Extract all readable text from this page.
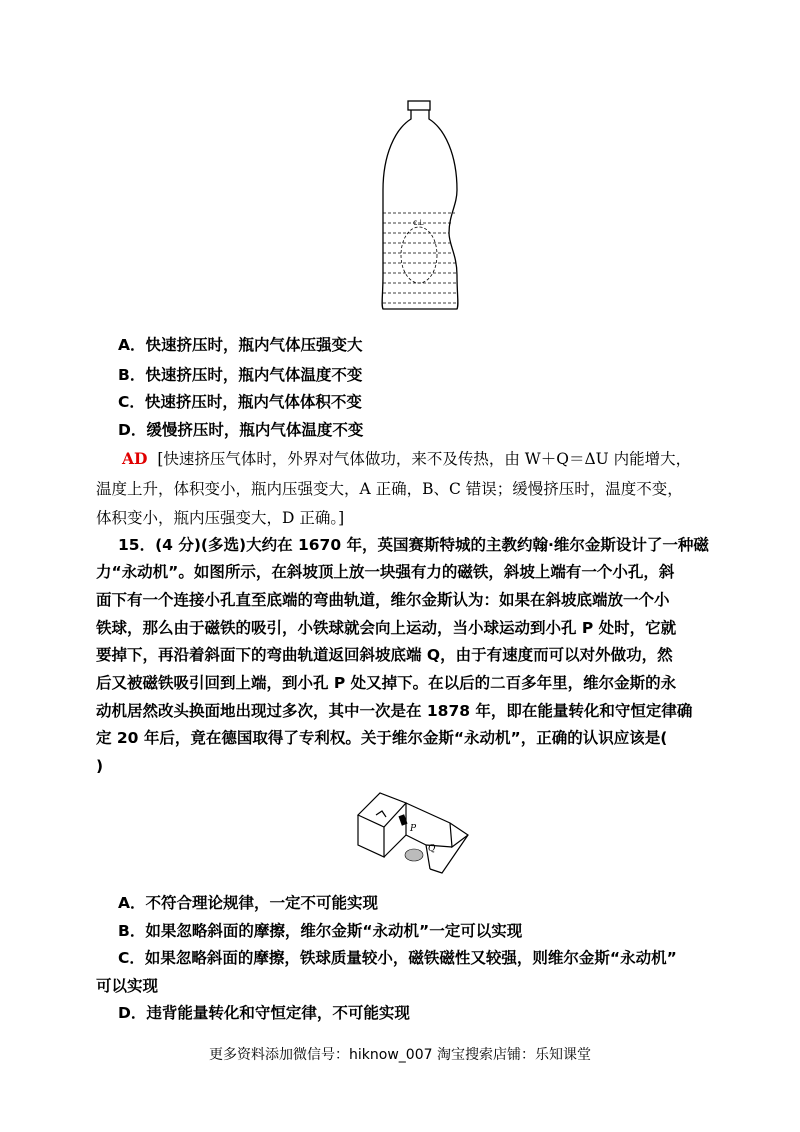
ⅽ⊥
A．快速挤压时，瓶内气体压强变大
B．快速挤压时，瓶内气体温度不变
C．快速挤压时，瓶内气体体积不变
D．缓慢挤压时，瓶内气体温度不变
AD [快速挤压气体时，外界对气体做功，来不及传热，由 W＋Q＝ΔU 内能增大，
温度上升，体积变小，瓶内压强变大，A 正确，B、C 错误；缓慢挤压时，温度不变，
体积变小，瓶内压强变大，D 正确。]
15．(4 分)(多选)大约在 1670 年，英国赛斯特城的主教约翰·维尔金斯设计了一种磁
力“永动机”。如图所示，在斜坡顶上放一块强有力的磁铁，斜坡上端有一个小孔，斜
面下有一个连接小孔直至底端的弯曲轨道，维尔金斯认为：如果在斜坡底端放一个小
铁球，那么由于磁铁的吸引，小铁球就会向上运动，当小球运动到小孔 P 处时，它就
要掉下，再沿着斜面下的弯曲轨道返回斜坡底端 Q，由于有速度而可以对外做功，然
后又被磁铁吸引回到上端，到小孔 P 处又掉下。在以后的二百多年里，维尔金斯的永
动机居然改头换面地出现过多次，其中一次是在 1878 年，即在能量转化和守恒定律确
定 20 年后，竟在德国取得了专利权。关于维尔金斯“永动机”，正确的认识应该是(
)
P
Q
A．不符合理论规律，一定不可能实现
B．如果忽略斜面的摩擦，维尔金斯“永动机”一定可以实现
C．如果忽略斜面的摩擦，铁球质量较小，磁铁磁性又较强，则维尔金斯“永动机”
可以实现
D．违背能量转化和守恒定律，不可能实现
更多资料添加微信号：hiknow_007 淘宝搜索店铺：乐知课堂
